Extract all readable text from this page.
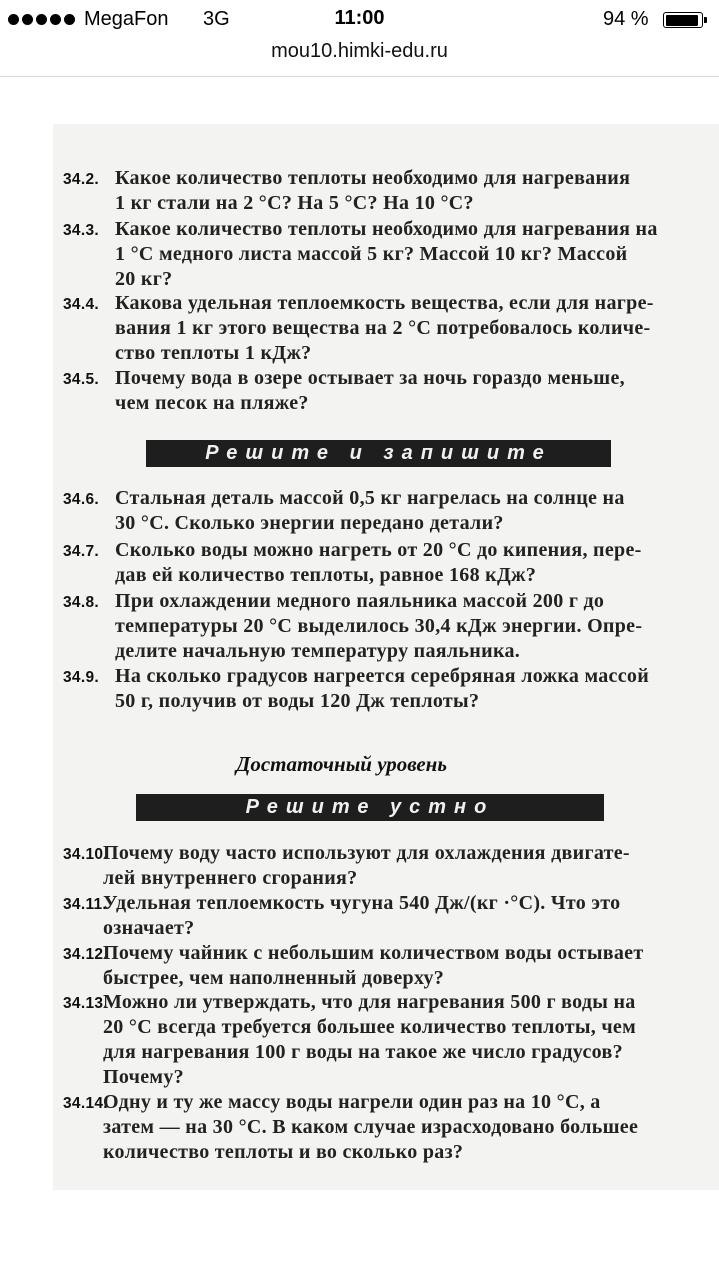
MegaFon 3G	11:00	94 %
mou10.himki-edu.ru
34.2. Какое количество теплоты необходимо для нагревания
1 кг стали на 2 °С? На 5 °С? На 10 °С?
34.3. Какое количество теплоты необходимо для нагревания на
1 °С медного листа массой 5 кг? Массой 10 кг? Массой
20 кг?
34.4. Какова удельная теплоемкость вещества, если для нагре-
вания 1 кг этого вещества на 2 °С потребовалось количе-
ство теплоты 1 кДж?
34.5. Почему вода в озере остывает за ночь гораздо меньше,
чем песок на пляже?
Решите и запишите
34.6. Стальная деталь массой 0,5 кг нагрелась на солнце на
30 °С. Сколько энергии передано детали?
34.7. Сколько воды можно нагреть от 20 °С до кипения, пере-
дав ей количество теплоты, равное 168 кДж?
34.8. При охлаждении медного паяльника массой 200 г до
температуры 20 °С выделилось 30,4 кДж энергии. Опре-
делите начальную температуру паяльника.
34.9. На сколько градусов нагреется серебряная ложка массой
50 г, получив от воды 120 Дж теплоты?
Достаточный уровень
Решите устно
34.10.
Почему воду часто используют для охлаждения двигате-
лей внутреннего сгорания?
34.11.
Удельная теплоемкость чугуна 540 Дж/(кг ·°С). Что это
означает?
34.12.
Почему чайник с небольшим количеством воды остывает
быстрее, чем наполненный доверху?
34.13.
Можно ли утверждать, что для нагревания 500 г воды на
20 °С всегда требуется большее количество теплоты, чем
для нагревания 100 г воды на такое же число градусов?
Почему?
34.14.
Одну и ту же массу воды нагрели один раз на 10 °С, а
затем — на 30 °С. В каком случае израсходовано большее
количество теплоты и во сколько раз?
